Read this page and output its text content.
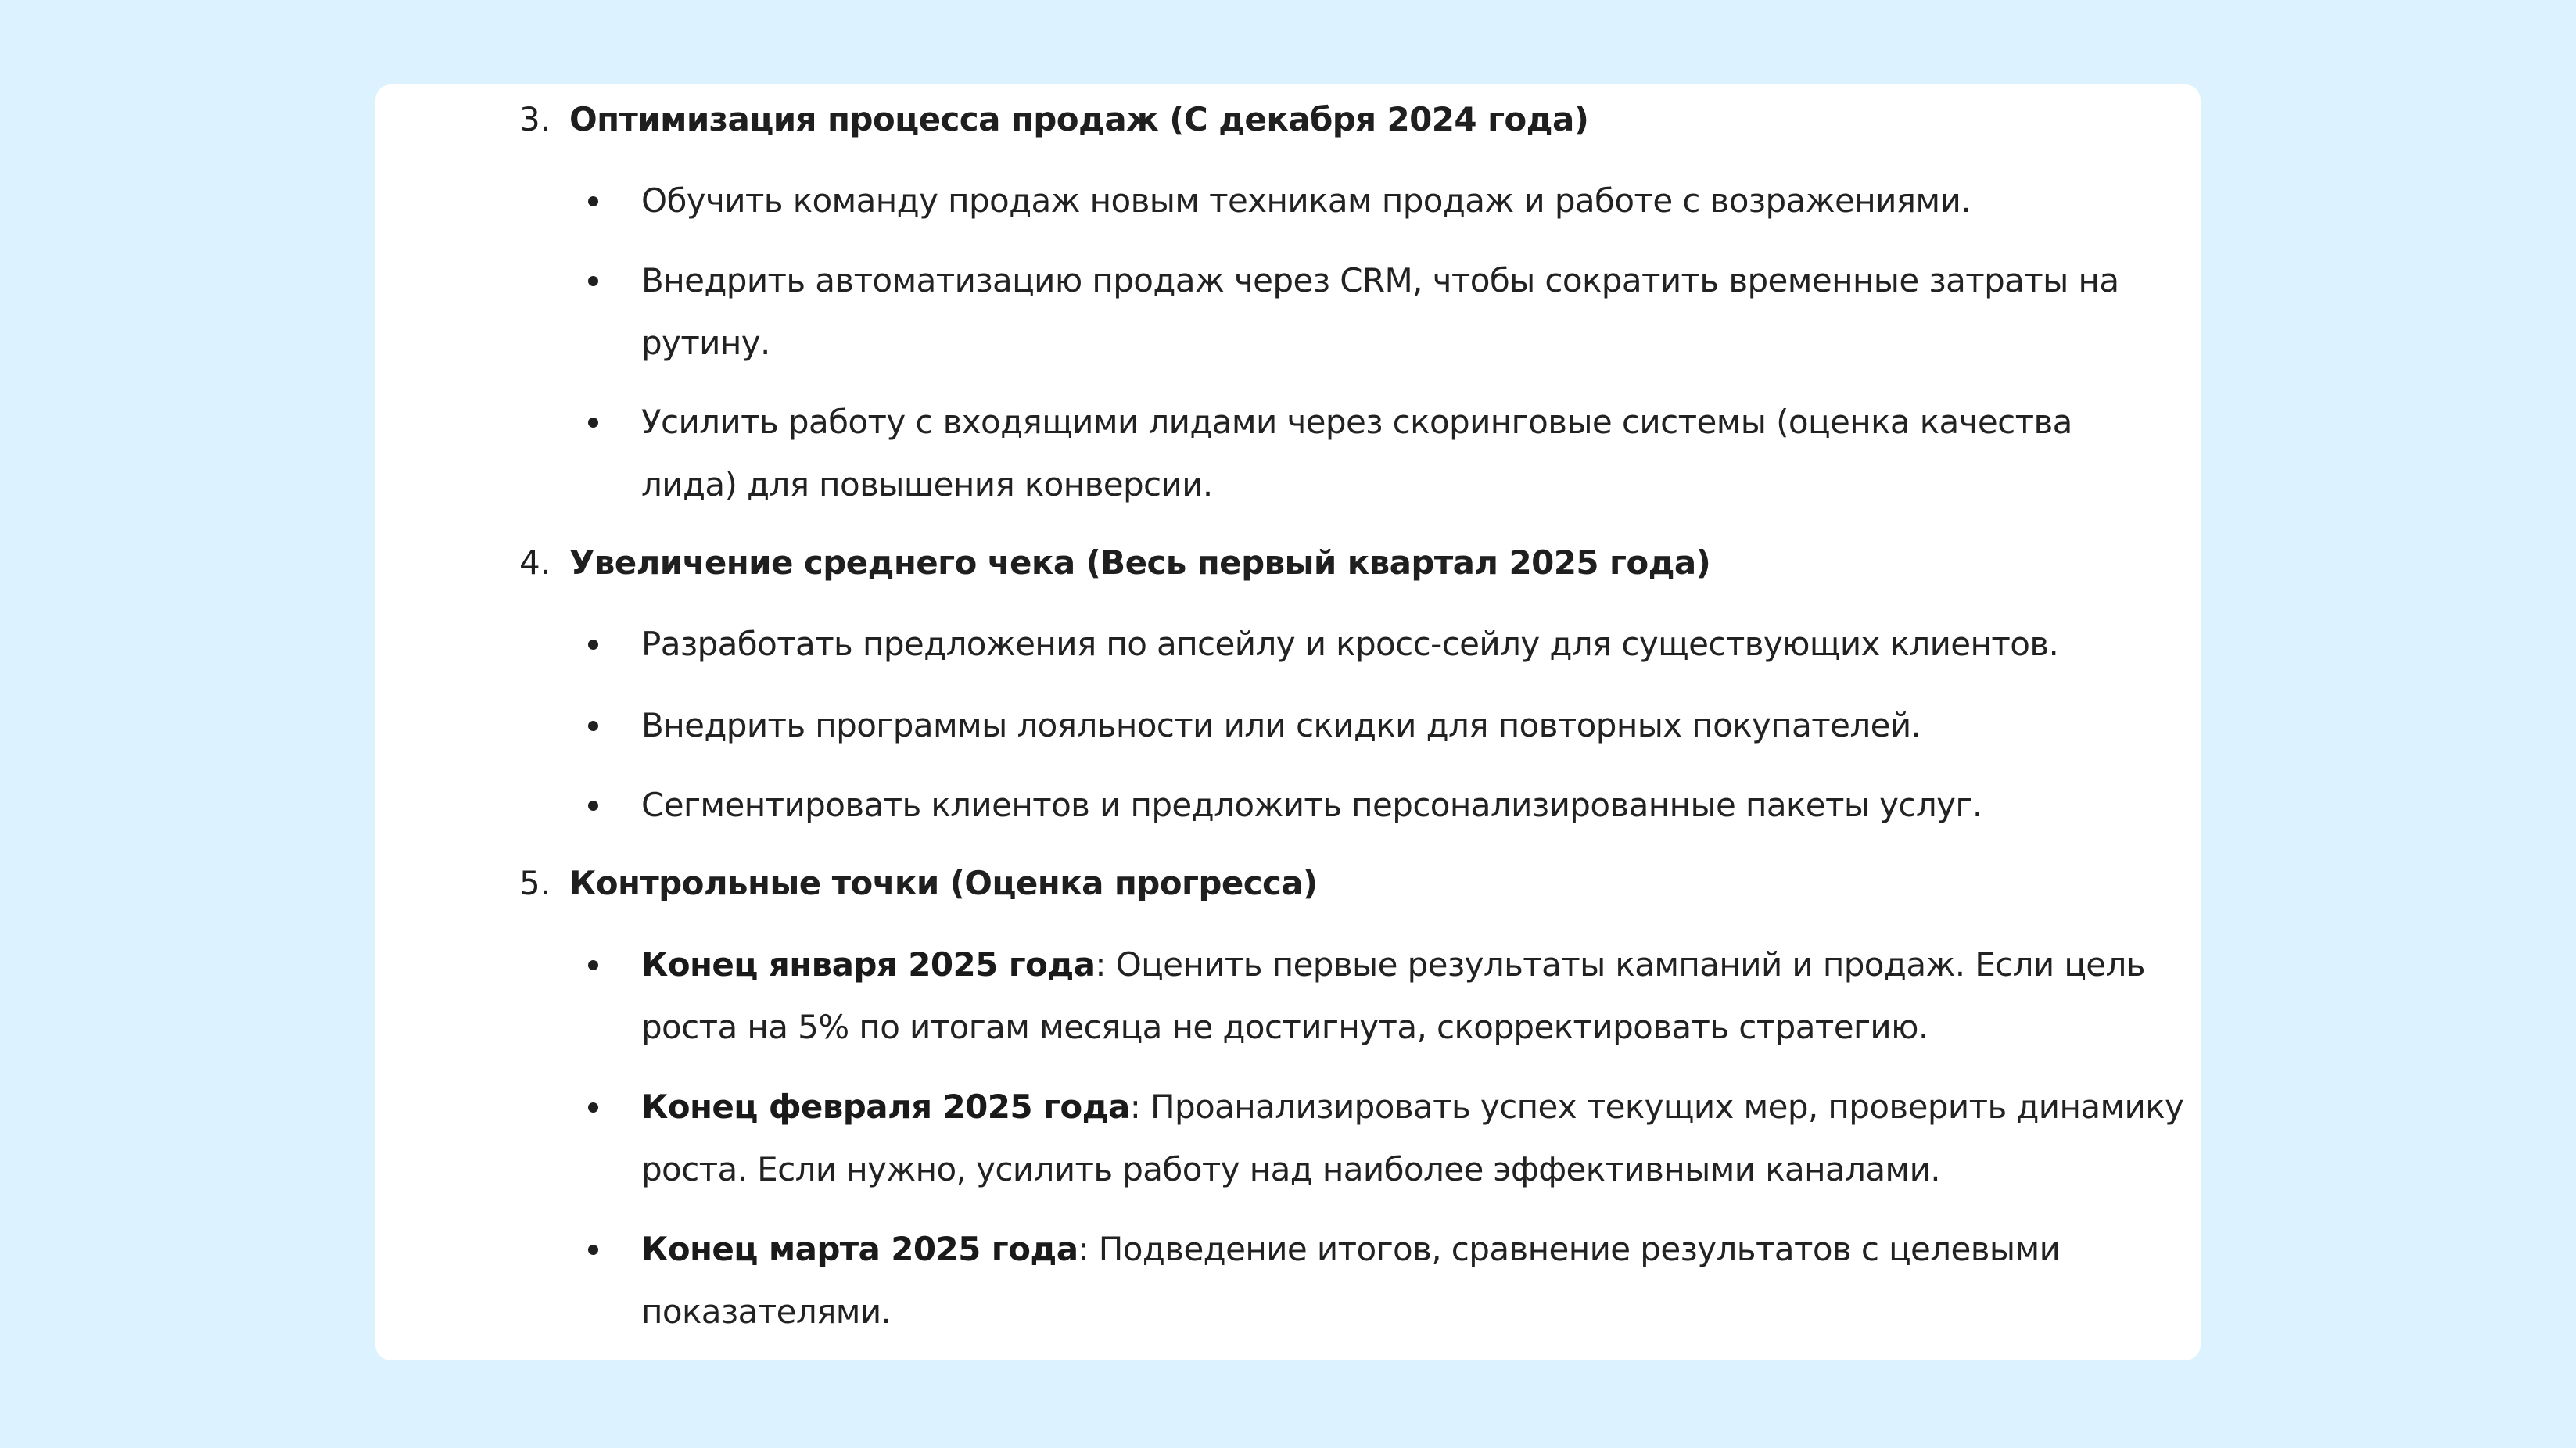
3. Оптимизация процесса продаж (С декабря 2024 года)
Обучить команду продаж новым техникам продаж и работе с возражениями.
Внедрить автоматизацию продаж через CRM, чтобы сократить временные затраты на
рутину.
Усилить работу с входящими лидами через скоринговые системы (оценка качества
лида) для повышения конверсии.
4. Увеличение среднего чека (Весь первый квартал 2025 года)
Разработать предложения по апсейлу и кросс-сейлу для существующих клиентов.
Внедрить программы лояльности или скидки для повторных покупателей.
Сегментировать клиентов и предложить персонализированные пакеты услуг.
5. Контрольные точки (Оценка прогресса)
Конец января 2025 года: Оценить первые результаты кампаний и продаж. Если цель
роста на 5% по итогам месяца не достигнута, скорректировать стратегию.
Конец февраля 2025 года: Проанализировать успех текущих мер, проверить динамику
роста. Если нужно, усилить работу над наиболее эффективными каналами.
Конец марта 2025 года: Подведение итогов, сравнение результатов с целевыми
показателями.
